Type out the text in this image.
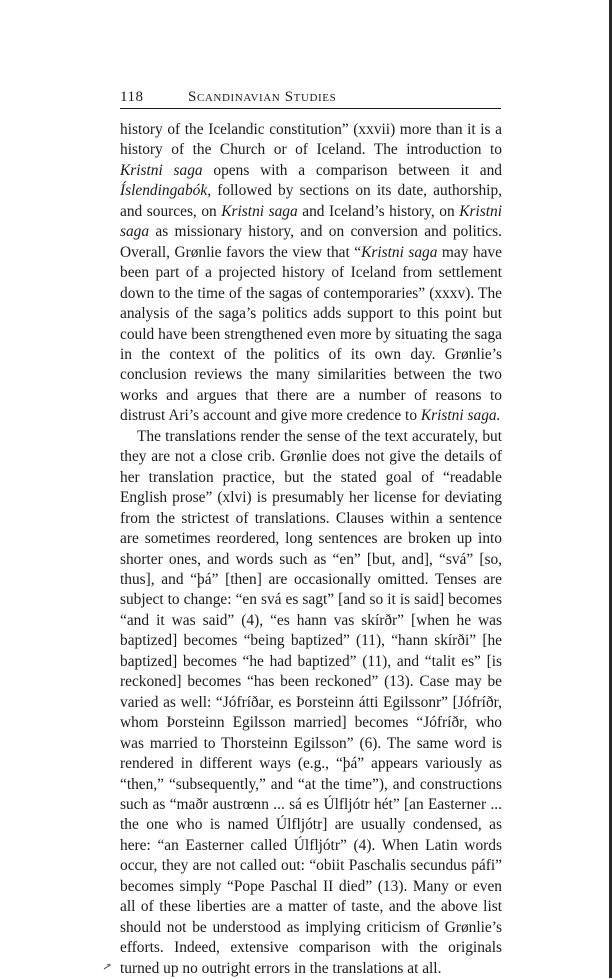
118	Scandinavian Studies

history of the Icelandic constitution” (xxvii) more than it is a history of the Church or of Iceland. The introduction to Kristni saga opens with a comparison between it and Íslendingabók, followed by sections on its date, authorship, and sources, on Kristni saga and Iceland’s history, on Kristni saga as missionary history, and on conversion and politics. Overall, Grønlie favors the view that “Kristni saga may have been part of a projected history of Iceland from settlement down to the time of the sagas of contemporaries” (xxxv). The analysis of the saga’s politics adds support to this point but could have been strengthened even more by situating the saga in the context of the politics of its own day. Grønlie’s conclusion reviews the many similarities between the two works and argues that there are a number of reasons to distrust Ari’s account and give more credence to Kristni saga.

The translations render the sense of the text accurately, but they are not a close crib. Grønlie does not give the details of her translation practice, but the stated goal of “readable English prose” (xlvi) is presumably her license for deviating from the strictest of translations. Clauses within a sentence are sometimes reordered, long sentences are broken up into shorter ones, and words such as “en” [but, and], “svá” [so, thus], and “þá” [then] are occasionally omitted. Tenses are subject to change: “en svá es sagt” [and so it is said] becomes “and it was said” (4), “es hann vas skírðr” [when he was baptized] becomes “being baptized” (11), “hann skírði” [he baptized] becomes “he had baptized” (11), and “talit es” [is reckoned] becomes “has been reckoned” (13). Case may be varied as well: “Jófríðar, es Þorsteinn átti Egilssonr” [Jófríðr, whom Þorsteinn Egilsson married] becomes “Jófríðr, who was married to Thorsteinn Egilsson” (6). The same word is rendered in different ways (e.g., “þá” appears variously as “then,” “subsequently,” and “at the time”), and constructions such as “maðr austrœnn ... sá es Úlfljótr hét” [an Easterner ... the one who is named Úlfljótr] are usually condensed, as here: “an Easterner called Úlfljótr” (4). When Latin words occur, they are not called out: “obiit Paschalis secundus páfi” becomes simply “Pope Paschal II died” (13). Many or even all of these liberties are a matter of taste, and the above list should not be understood as implying criticism of Grønlie’s efforts. Indeed, extensive comparison with the originals turned up no outright errors in the translations at all.
